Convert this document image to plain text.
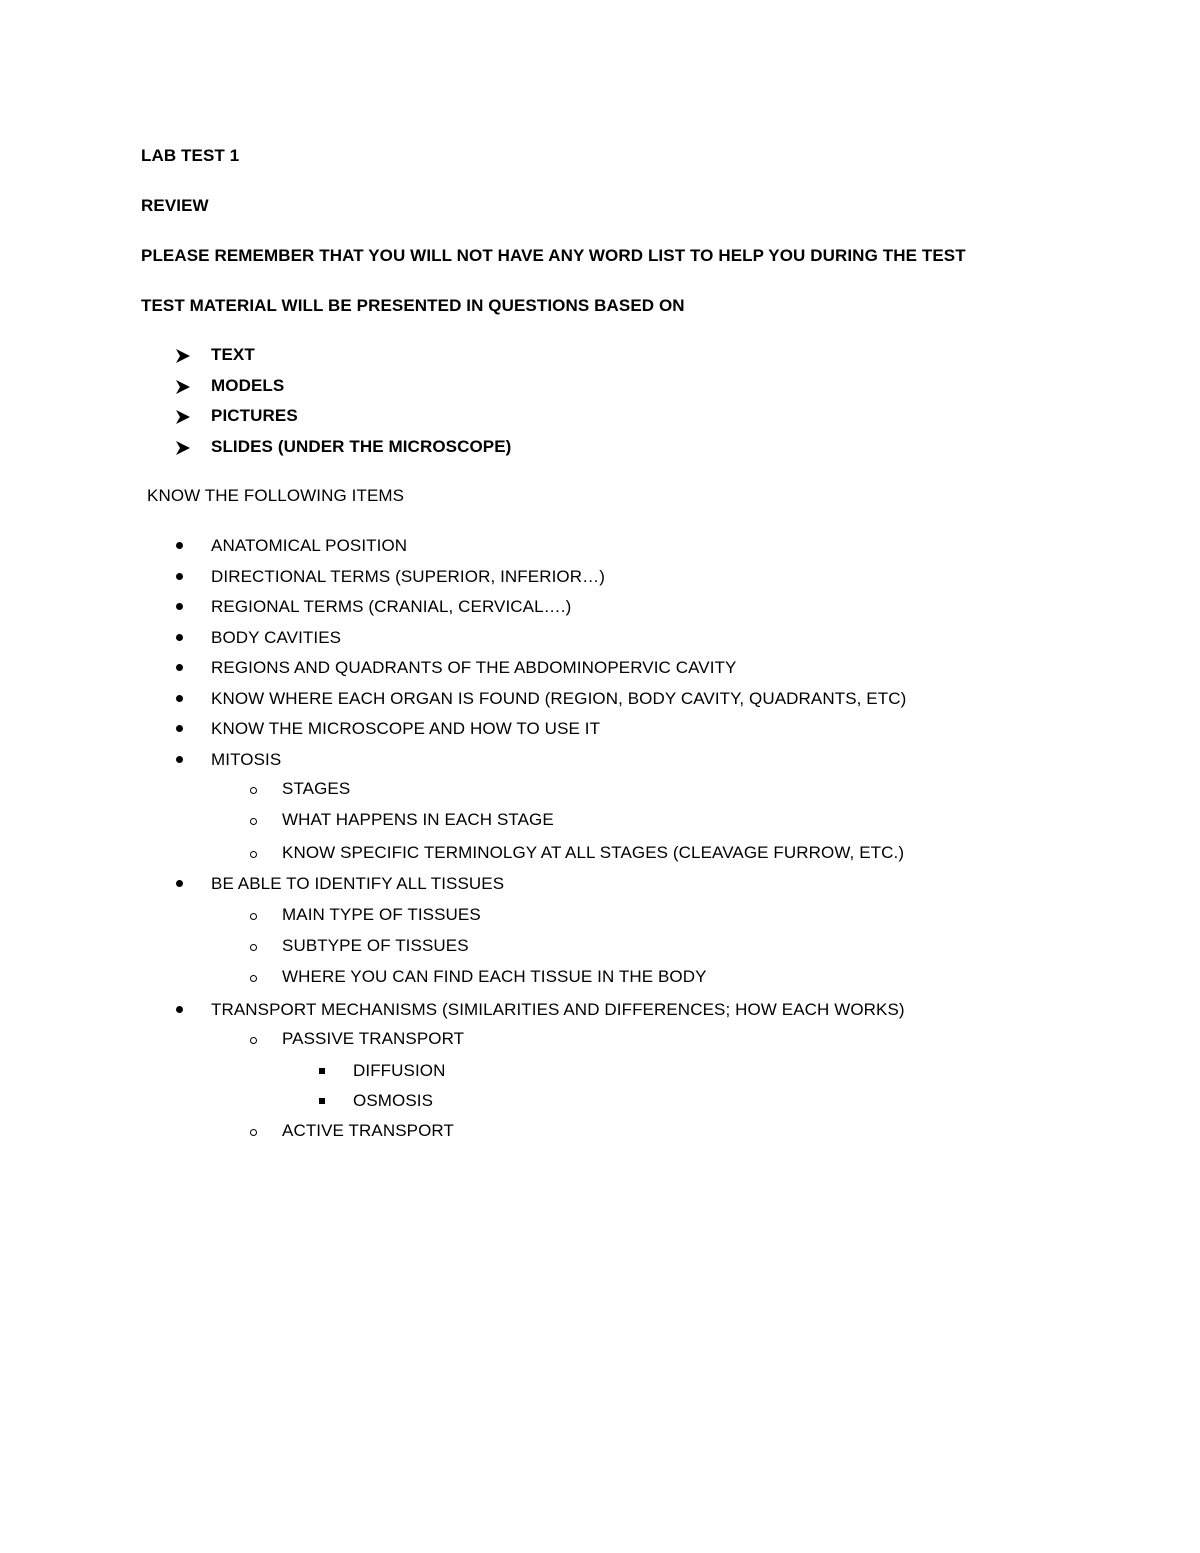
LAB TEST 1
REVIEW
PLEASE REMEMBER THAT YOU WILL NOT HAVE ANY WORD LIST TO HELP YOU DURING THE TEST
TEST MATERIAL WILL BE PRESENTED IN QUESTIONS BASED ON
TEXT
MODELS
PICTURES
SLIDES (UNDER THE MICROSCOPE)
KNOW THE FOLLOWING ITEMS
ANATOMICAL POSITION
DIRECTIONAL TERMS (SUPERIOR, INFERIOR…)
REGIONAL TERMS (CRANIAL, CERVICAL….)
BODY CAVITIES
REGIONS AND QUADRANTS OF THE ABDOMINOPERVIC CAVITY
KNOW WHERE EACH ORGAN IS FOUND (REGION, BODY CAVITY, QUADRANTS, ETC)
KNOW THE MICROSCOPE AND HOW TO USE IT
MITOSIS
STAGES
WHAT HAPPENS IN EACH STAGE
KNOW SPECIFIC TERMINOLGY AT ALL STAGES (CLEAVAGE FURROW, ETC.)
BE ABLE TO IDENTIFY ALL TISSUES
MAIN TYPE OF TISSUES
SUBTYPE OF TISSUES
WHERE YOU CAN FIND EACH TISSUE IN THE BODY
TRANSPORT MECHANISMS (SIMILARITIES AND DIFFERENCES; HOW EACH WORKS)
PASSIVE TRANSPORT
DIFFUSION
OSMOSIS
ACTIVE TRANSPORT
